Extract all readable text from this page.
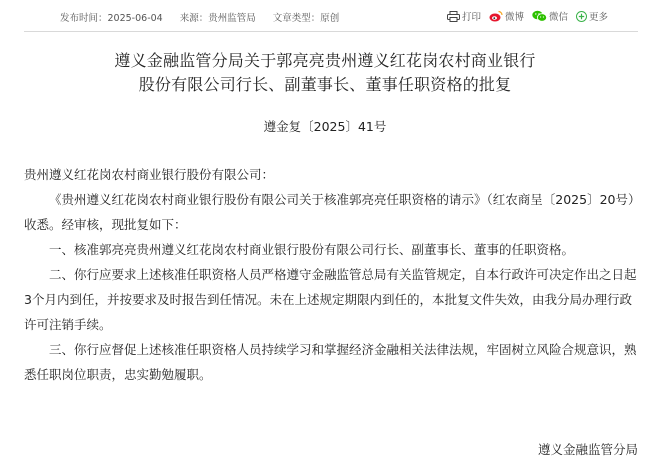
发布时间：2025-06-04 来源：贵州监管局 文章类型：原创	打印	微博	微信 更多
遵义金融监管分局关于郭亮亮贵州遵义红花岗农村商业银行
股份有限公司行长、副董事长、董事任职资格的批复
遵金复〔2025〕41号

贵州遵义红花岗农村商业银行股份有限公司：

《贵州遵义红花岗农村商业银行股份有限公司关于核准郭亮亮任职资格的请示》（红农商呈〔2025〕20号）收悉。经审核，现批复如下：

一、核准郭亮亮贵州遵义红花岗农村商业银行股份有限公司行长、副董事长、董事的任职资格。

二、你行应要求上述核准任职资格人员严格遵守金融监管总局有关监管规定，自本行政许可决定作出之日起3个月内到任，并按要求及时报告到任情况。未在上述规定期限内到任的，本批复文件失效，由我分局办理行政许可注销手续。

三、你行应督促上述核准任职资格人员持续学习和掌握经济金融相关法律法规，牢固树立风险合规意识，熟悉任职岗位职责，忠实勤勉履职。

遵义金融监管分局
